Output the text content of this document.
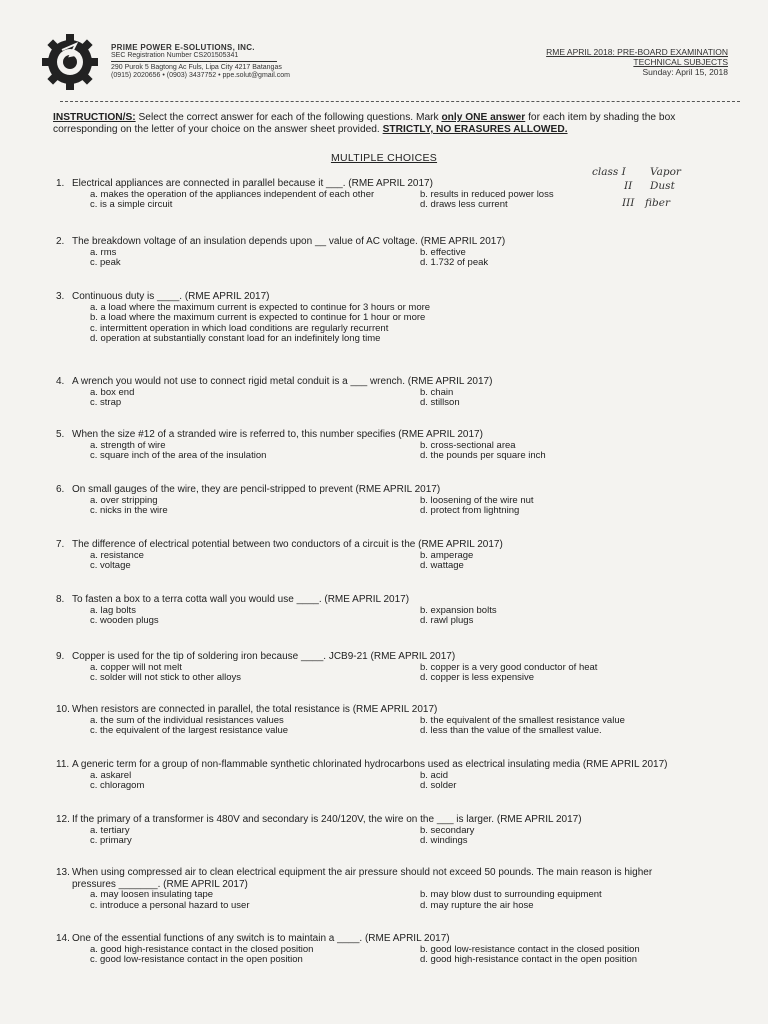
PRIME POWER E-SOLUTIONS, INC.
SEC Registration Number CS201505341
290 Purok 5 Bagtong Ac Fuls, Lipa City 4217 Batangas
(0915) 2020656 • (0903) 3437752 • ppe.solut@gmail.com
RME APRIL 2018: PRE-BOARD EXAMINATION
TECHNICAL SUBJECTS
Sunday: April 15, 2018
INSTRUCTION/S: Select the correct answer for each of the following questions. Mark only ONE answer for each item by shading the box corresponding on the letter of your choice on the answer sheet provided. STRICTLY, NO ERASURES ALLOWED.
MULTIPLE CHOICES
class I Vapor
II Dust
III fiber
1. Electrical appliances are connected in parallel because it ___. (RME APRIL 2017)
a. makes the operation of the appliances independent of each other	b. results in reduced power loss
c. is a simple circuit	d. draws less current
2. The breakdown voltage of an insulation depends upon __ value of AC voltage. (RME APRIL 2017)
a. rms	b. effective
c. peak	d. 1.732 of peak
3. Continuous duty is ____. (RME APRIL 2017)
a. a load where the maximum current is expected to continue for 3 hours or more
b. a load where the maximum current is expected to continue for 1 hour or more
c. intermittent operation in which load conditions are regularly recurrent
d. operation at substantially constant load for an indefinitely long time
4. A wrench you would not use to connect rigid metal conduit is a ___ wrench. (RME APRIL 2017)
a. box end	b. chain
c. strap	d. stillson
5. When the size #12 of a stranded wire is referred to, this number specifies (RME APRIL 2017)
a. strength of wire	b. cross-sectional area
c. square inch of the area of the insulation	d. the pounds per square inch
6. On small gauges of the wire, they are pencil-stripped to prevent (RME APRIL 2017)
a. over stripping	b. loosening of the wire nut
c. nicks in the wire	d. protect from lightning
7. The difference of electrical potential between two conductors of a circuit is the (RME APRIL 2017)
a. resistance	b. amperage
c. voltage	d. wattage
8. To fasten a box to a terra cotta wall you would use ____. (RME APRIL 2017)
a. lag bolts	b. expansion bolts
c. wooden plugs	d. rawl plugs
9. Copper is used for the tip of soldering iron because ____. JCB9-21 (RME APRIL 2017)
a. copper will not melt	b. copper is a very good conductor of heat
c. solder will not stick to other alloys	d. copper is less expensive
10. When resistors are connected in parallel, the total resistance is (RME APRIL 2017)
a. the sum of the individual resistances values	b. the equivalent of the smallest resistance value
c. the equivalent of the largest resistance value	d. less than the value of the smallest value.
11. A generic term for a group of non-flammable synthetic chlorinated hydrocarbons used as electrical insulating media (RME APRIL 2017)
a. askarel	b. acid
c. chloragom	d. solder
12. If the primary of a transformer is 480V and secondary is 240/120V, the wire on the ___ is larger. (RME APRIL 2017)
a. tertiary	b. secondary
c. primary	d. windings
13. When using compressed air to clean electrical equipment the air pressure should not exceed 50 pounds. The main reason is higher
pressures _______. (RME APRIL 2017)
a. may loosen insulating tape	b. may blow dust to surrounding equipment
c. introduce a personal hazard to user	d. may rupture the air hose
14. One of the essential functions of any switch is to maintain a ____. (RME APRIL 2017)
a. good high-resistance contact in the closed position	b. good low-resistance contact in the closed position
c. good low-resistance contact in the open position	d. good high-resistance contact in the open position
